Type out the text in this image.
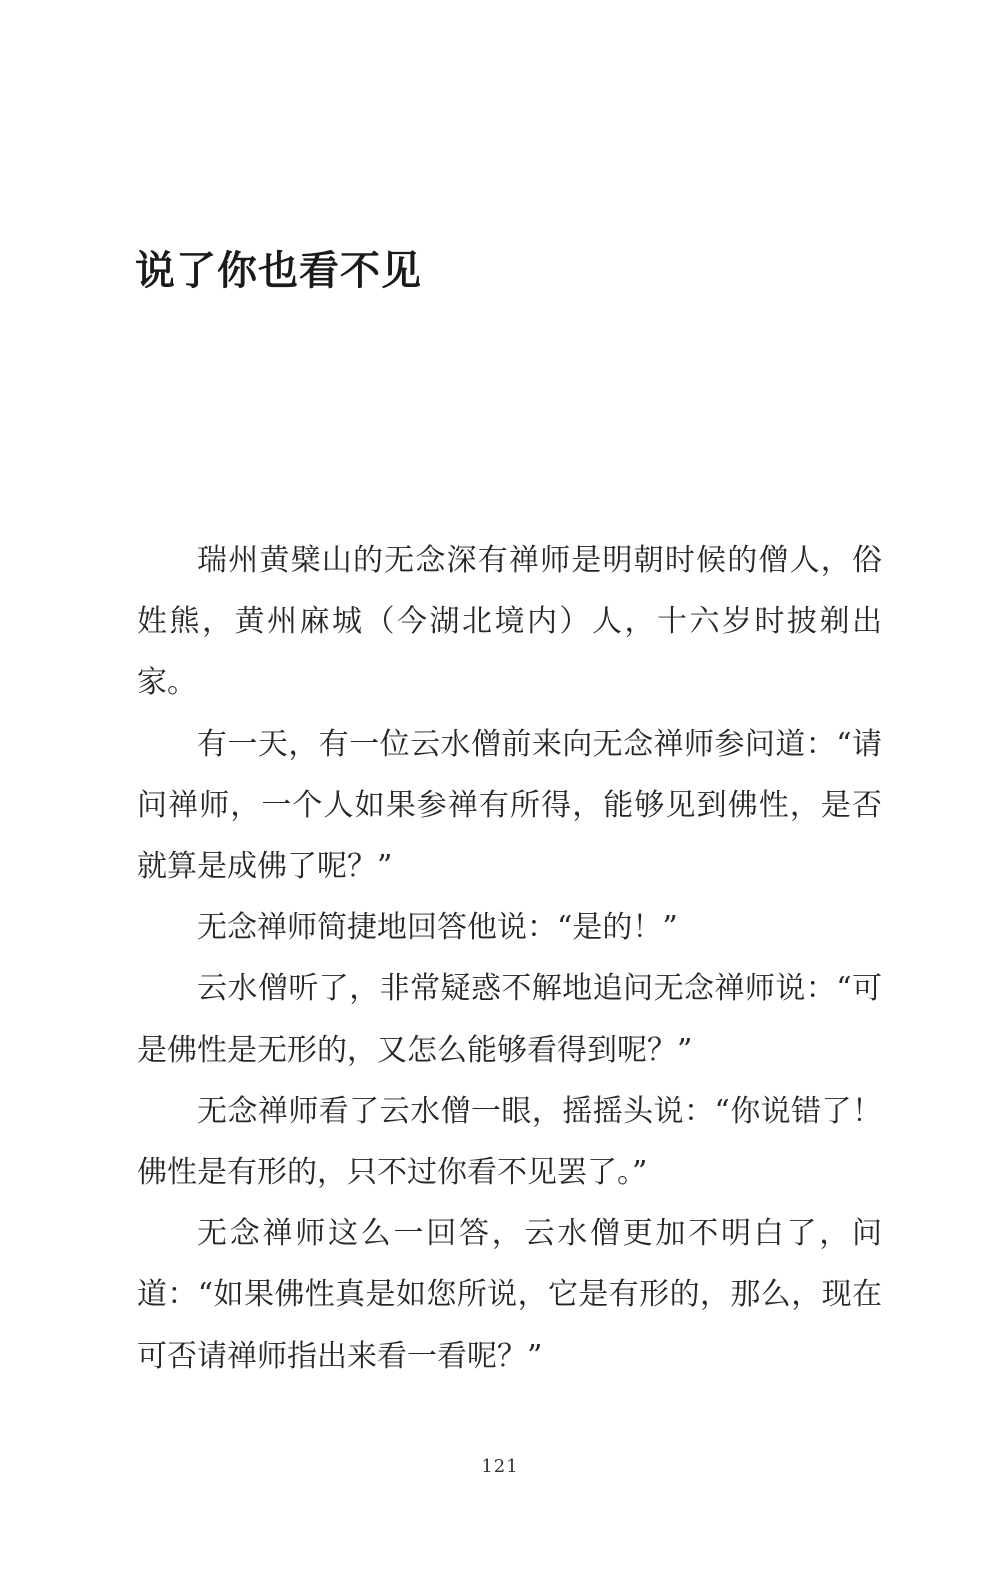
说了你也看不见

瑞州黄檗山的无念深有禅师是明朝时候的僧人，俗姓熊，黄州麻城（今湖北境内）人，十六岁时披剃出家。

有一天，有一位云水僧前来向无念禅师参问道：“请问禅师，一个人如果参禅有所得，能够见到佛性，是否就算是成佛了呢？”

无念禅师简捷地回答他说：“是的！”

云水僧听了，非常疑惑不解地追问无念禅师说：“可是佛性是无形的，又怎么能够看得到呢？”

无念禅师看了云水僧一眼，摇摇头说：“你说错了！佛性是有形的，只不过你看不见罢了。”

无念禅师这么一回答，云水僧更加不明白了，问道：“如果佛性真是如您所说，它是有形的，那么，现在可否请禅师指出来看一看呢？”

121
